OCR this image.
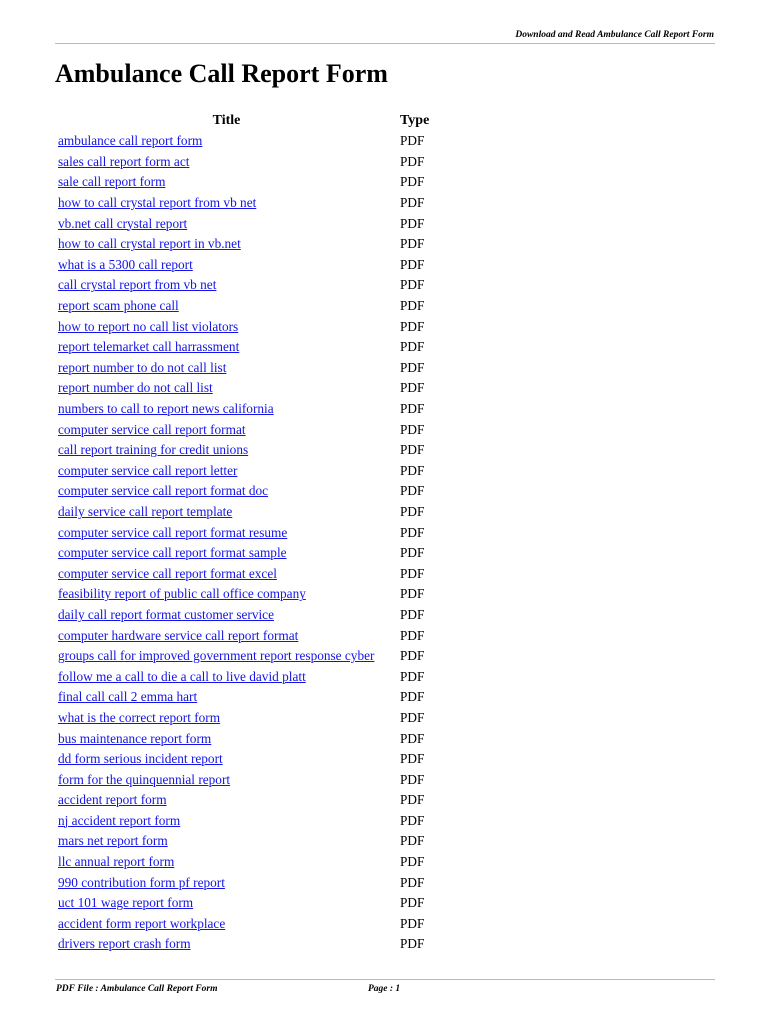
Download and Read Ambulance Call Report Form
Ambulance Call Report Form
Title	Type
ambulance call report form	PDF
sales call report form act	PDF
sale call report form	PDF
how to call crystal report from vb net	PDF
vb.net call crystal report	PDF
how to call crystal report in vb.net	PDF
what is a 5300 call report	PDF
call crystal report from vb net	PDF
report scam phone call	PDF
how to report no call list violators	PDF
report telemarket call harrassment	PDF
report number to do not call list	PDF
report number do not call list	PDF
numbers to call to report news california	PDF
computer service call report format	PDF
call report training for credit unions	PDF
computer service call report letter	PDF
computer service call report format doc	PDF
daily service call report template	PDF
computer service call report format resume	PDF
computer service call report format sample	PDF
computer service call report format excel	PDF
feasibility report of public call office company	PDF
daily call report format customer service	PDF
computer hardware service call report format	PDF
groups call for improved government report response cyber	PDF
follow me a call to die a call to live david platt	PDF
final call call 2 emma hart	PDF
what is the correct report form	PDF
bus maintenance report form	PDF
dd form serious incident report	PDF
form for the quinquennial report	PDF
accident report form	PDF
nj accident report form	PDF
mars net report form	PDF
llc annual report form	PDF
990 contribution form pf report	PDF
uct 101 wage report form	PDF
accident form report workplace	PDF
drivers report crash form	PDF
PDF File : Ambulance Call Report Form	Page : 1
